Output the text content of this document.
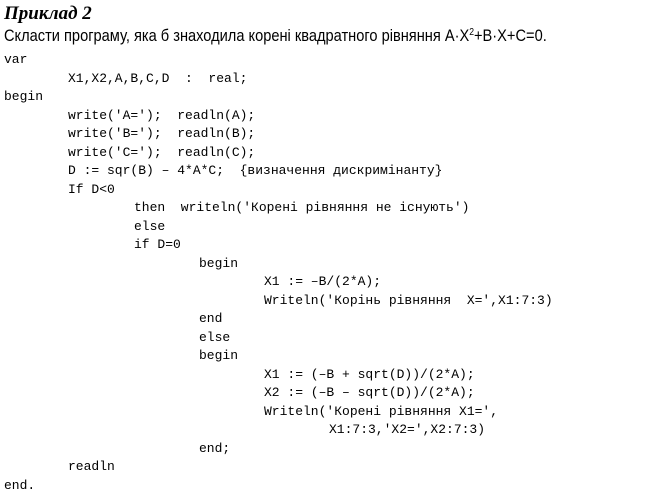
Приклад 2
Скласти програму, яка б знаходила корені квадратного рівняння $A\cdot X^2+B\cdot X+C=0$.
var
X1,X2,A,B,C,D  :  real;
begin
write('A=');  readln(A);
write('B=');  readln(B);
write('C=');  readln(C);
D := sqr(B) – 4*A*C;  {визначення дискримінанту}
If D<0
then  writeln('Корені рівняння не існують')
else
if D=0
begin
X1 := –B/(2*A);
Writeln('Корінь рівняння  X=',X1:7:3)
end
else
begin
X1 := (–B + sqrt(D))/(2*A);
X2 := (–B – sqrt(D))/(2*A);
Writeln('Корені рівняння X1=',
X1:7:3,'X2=',X2:7:3)
end;
readln
end.
